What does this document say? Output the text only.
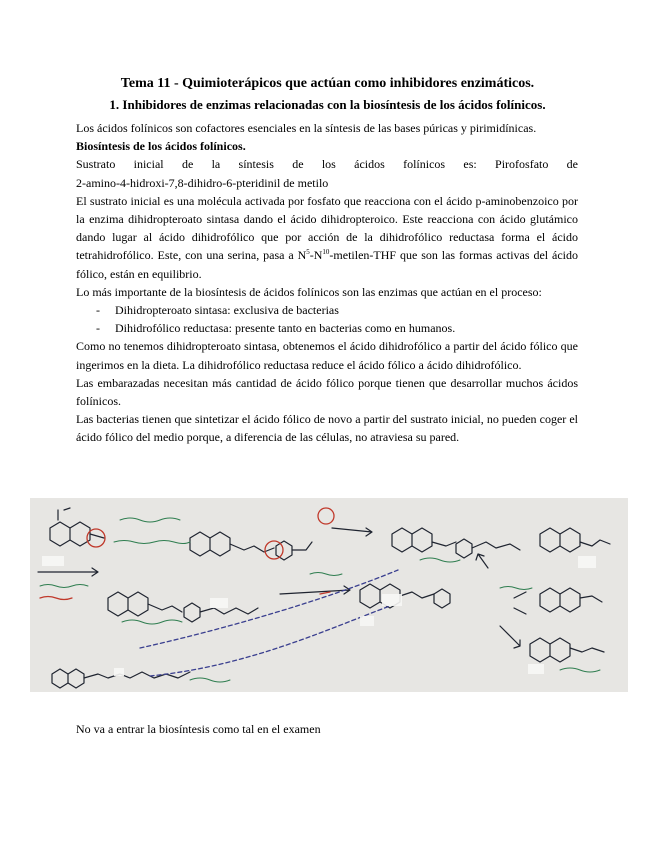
Tema 11 - Quimioterápicos que actúan como inhibidores enzimáticos.
1. Inhibidores de enzimas relacionadas con la biosíntesis de los ácidos folínicos.

Los ácidos folínicos son cofactores esenciales en la síntesis de las bases púricas y pirimidínicas.

Biosíntesis de los ácidos folínicos.

Sustrato inicial de la síntesis de los ácidos folínicos es: Pirofosfato de

2-amino-4-hidroxi-7,8-dihidro-6-pteridinil de metilo

El sustrato inicial es una molécula activada por fosfato que reacciona con el ácido p-aminobenzoico por la enzima dihidropteroato sintasa dando el ácido dihidropteroico. Este reacciona con ácido glutámico dando lugar al ácido dihidrofólico que por acción de la dihidrofólico reductasa forma el ácido tetrahidrofólico. Este, con una serina, pasa a $N^5-N^{10}-metilen$-THF que son las formas activas del ácido fólico, están en equilibrio.

Lo más importante de la biosíntesis de ácidos folínicos son las enzimas que actúan en el proceso:

- Dihidropteroato sintasa: exclusiva de bacterias
- Dihidrofólico reductasa: presente tanto en bacterias como en humanos.

Como no tenemos dihidropteroato sintasa, obtenemos el ácido dihidrofólico a partir del ácido fólico que ingerimos en la dieta. La dihidrofólico reductasa reduce el ácido fólico a ácido dihidrofólico.

Las embarazadas necesitan más cantidad de ácido fólico porque tienen que desarrollar muchos ácidos folínicos.

Las bacterias tienen que sintetizar el ácido fólico de novo a partir del sustrato inicial, no pueden coger el ácido fólico del medio porque, a diferencia de las células, no atraviesa su pared.

No va a entrar la biosíntesis como tal en el examen
